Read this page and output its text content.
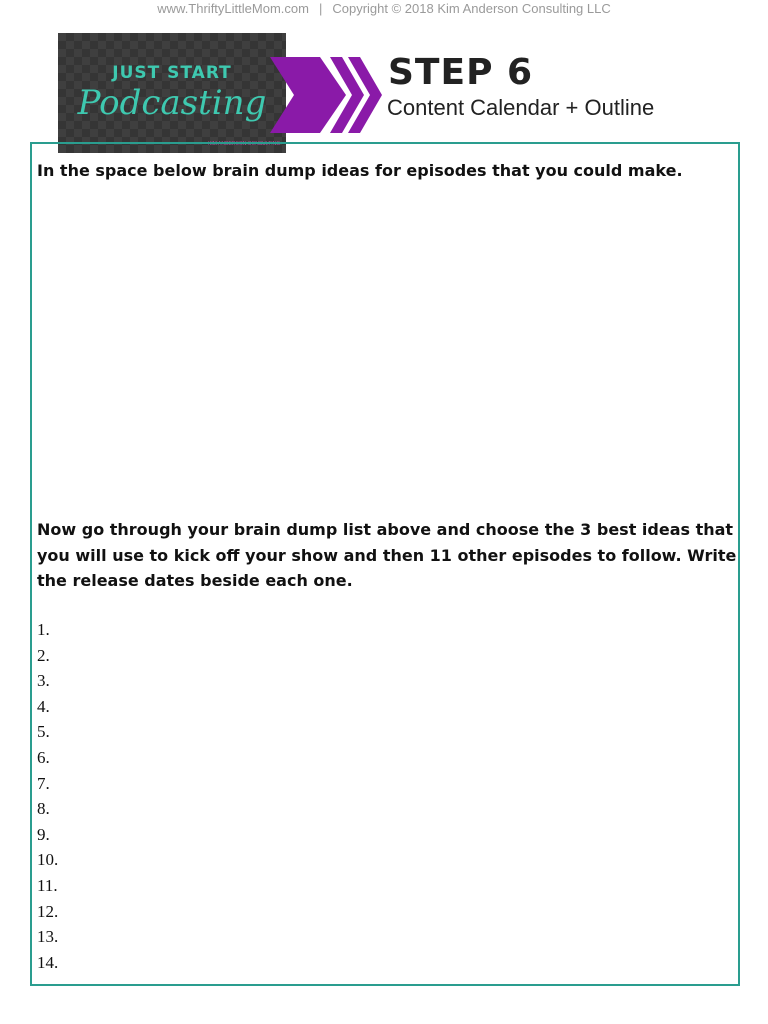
www.ThriftyLittleMom.com | Copyright © 2018 Kim Anderson Consulting LLC
JUST START
Podcasting
KIM ANDERSON CONSULTING
STEP 6
Content Calendar + Outline
In the space below brain dump ideas for episodes that you could make.
Now go through your brain dump list above and choose the 3 best ideas that you will use to kick off your show and then 11 other episodes to follow. Write the release dates beside each one.
1.
2.
3.
4.
5.
6.
7.
8.
9.
10.
11.
12.
13.
14.
